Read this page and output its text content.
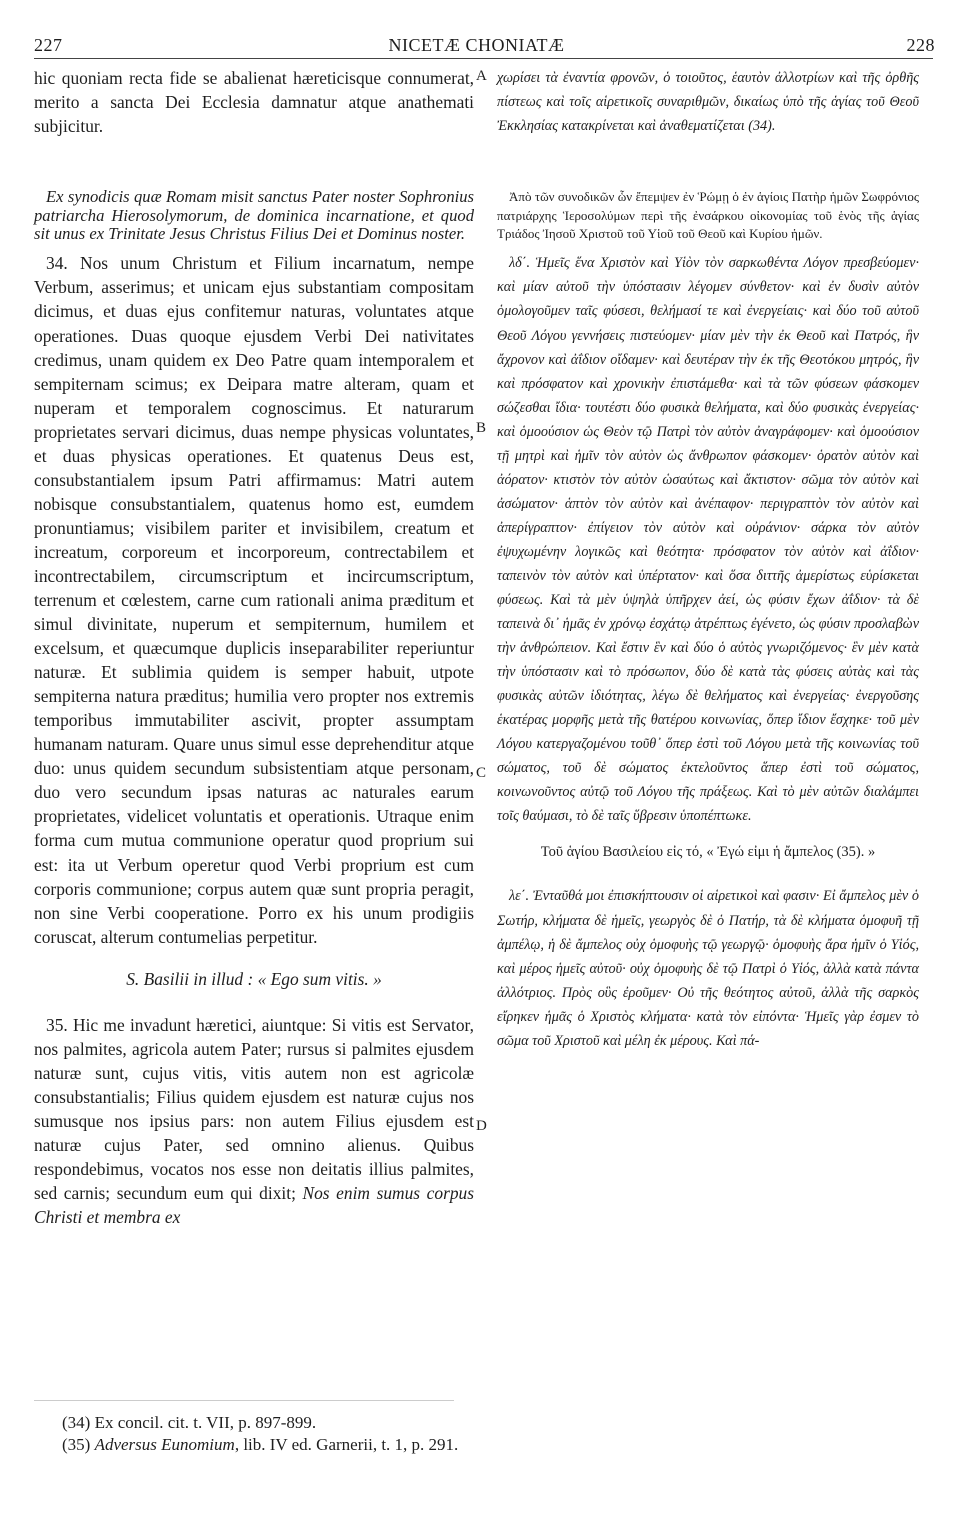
227	NICETÆ CHONIATÆ	228

hic quoniam recta fide se abalienat hæreticisque connumerat, merito a sancta Dei Ecclesia damnatur atque anathemati subjicitur.

Ex synodicis quæ Romam misit sanctus Pater noster Sophronius patriarcha Hierosolymorum, de dominica incarnatione, et quod sit unus ex Trinitate Jesus Christus Filius Dei et Dominus noster.

34. Nos unum Christum et Filium incarnatum, nempe Verbum, asserimus; et unicam ejus substantiam compositam dicimus, et duas ejus confitemur naturas, voluntates atque operationes. Duas quoque ejusdem Verbi Dei nativitates credimus, unam quidem ex Deo Patre quam intemporalem et sempiternam scimus; ex Deipara matre alteram, quam et nuperam et temporalem cognoscimus. Et naturarum proprietates servari dicimus, duas nempe physicas voluntates, et duas physicas operationes. Et quatenus Deus est, consubstantialem ipsum Patri affirmamus: Matri autem nobisque consubstantialem, quatenus homo est, eumdem pronuntiamus; visibilem pariter et invisibilem, creatum et increatum, corporeum et incorporeum, contrectabilem et incontrectabilem, circumscriptum et incircumscriptum, terrenum et cœlestem, carne cum rationali anima præditum et simul divinitate, nuperum et sempiternum, humilem et excelsum, et quæcumque duplicis inseparabiliter reperiuntur naturæ. Et sublimia quidem is semper habuit, utpote sempiterna natura præditus; humilia vero propter nos extremis temporibus immutabiliter ascivit, propter assumptam humanam naturam. Quare unus simul esse deprehenditur atque duo: unus quidem secundum subsistentiam atque personam, duo vero secundum ipsas naturas ac naturales earum proprietates, videlicet voluntatis et operationis. Utraque enim forma cum mutua communione operatur quod proprium sui est: ita ut Verbum operetur quod Verbi proprium est cum corporis communione; corpus autem quæ sunt propria peragit, non sine Verbi cooperatione. Porro ex his unum prodigiis coruscat, alterum contumelias perpetitur.

S. Basilii in illud : « Ego sum vitis. »

35. Hic me invadunt hæretici, aiuntque: Si vitis est Servator, nos palmites, agricola autem Pater; rursus si palmites ejusdem naturæ sunt, cujus vitis, vitis autem non est agricolæ consubstantialis; Filius quidem ejusdem est naturæ cujus nos sumusque nos ipsius pars: non autem Filius ejusdem est naturæ cujus Pater, sed omnino alienus. Quibus respondebimus, vocatos nos esse non deitatis illius palmites, sed carnis; secundum eum qui dixit; Nos enim sumus corpus Christi et membra ex

A
B
C
D

χωρίσει τὰ ἐναντία φρονῶν, ὁ τοιοῦτος, ἑαυτὸν ἀλλοτρίων καὶ τῆς ὀρθῆς πίστεως καὶ τοῖς αἱρετικοῖς συναριθμῶν, δικαίως ὑπὸ τῆς ἁγίας τοῦ Θεοῦ Ἐκκλησίας κατακρίνεται καὶ ἀναθεματίζεται (34).

Ἀπὸ τῶν συνοδικῶν ὧν ἔπεμψεν ἐν Ῥώμῃ ὁ ἐν ἁγίοις Πατὴρ ἡμῶν Σωφρόνιος πατριάρχης Ἱεροσολύμων περὶ τῆς ἐνσάρκου οἰκονομίας τοῦ ἑνὸς τῆς ἁγίας Τριάδος Ἰησοῦ Χριστοῦ τοῦ Υἱοῦ τοῦ Θεοῦ καὶ Κυρίου ἡμῶν.

λδ΄. Ἡμεῖς ἕνα Χριστὸν καὶ Υἱὸν τὸν σαρκωθέντα Λόγον πρεσβεύομεν· καὶ μίαν αὐτοῦ τὴν ὑπόστασιν λέγομεν σύνθετον· καὶ ἐν δυσὶν αὐτὸν ὁμολογοῦμεν ταῖς φύσεσι, θελήμασί τε καὶ ἐνεργείαις· καὶ δύο τοῦ αὐτοῦ Θεοῦ Λόγου γεννήσεις πιστεύομεν· μίαν μὲν τὴν ἐκ Θεοῦ καὶ Πατρός, ἣν ἄχρονον καὶ ἀΐδιον οἴδαμεν· καὶ δευτέραν τὴν ἐκ τῆς Θεοτόκου μητρός, ἣν καὶ πρόσφατον καὶ χρονικὴν ἐπιστάμεθα· καὶ τὰ τῶν φύσεων φάσκομεν σώζεσθαι ἴδια· τουτέστι δύο φυσικὰ θελήματα, καὶ δύο φυσικὰς ἐνεργείας· καὶ ὁμοούσιον ὡς Θεὸν τῷ Πατρὶ τὸν αὐτὸν ἀναγράφομεν· καὶ ὁμοούσιον τῇ μητρὶ καὶ ἡμῖν τὸν αὐτὸν ὡς ἄνθρωπον φάσκομεν· ὁρατὸν αὐτὸν καὶ ἀόρατον· κτιστὸν τὸν αὐτὸν ὡσαύτως καὶ ἄκτιστον· σῶμα τὸν αὐτὸν καὶ ἀσώματον· ἁπτὸν τὸν αὐτὸν καὶ ἀνέπαφον· περιγραπτὸν τὸν αὐτὸν καὶ ἀπερίγραπτον· ἐπίγειον τὸν αὐτὸν καὶ οὐράνιον· σάρκα τὸν αὐτὸν ἐψυχωμένην λογικῶς καὶ θεότητα· πρόσφατον τὸν αὐτὸν καὶ ἀΐδιον· ταπεινὸν τὸν αὐτὸν καὶ ὑπέρτατον· καὶ ὅσα διττῆς ἀμερίστως εὑρίσκεται φύσεως. Καὶ τὰ μὲν ὑψηλὰ ὑπῆρχεν ἀεί, ὡς φύσιν ἔχων ἀΐδιον· τὰ δὲ ταπεινὰ δι᾽ ἡμᾶς ἐν χρόνῳ ἐσχάτῳ ἀτρέπτως ἐγένετο, ὡς φύσιν προσλαβὼν τὴν ἀνθρώπειον. Καὶ ἔστιν ἓν καὶ δύο ὁ αὐτὸς γνωριζόμενος· ἓν μὲν κατὰ τὴν ὑπόστασιν καὶ τὸ πρόσωπον, δύο δὲ κατὰ τὰς φύσεις αὐτὰς καὶ τὰς φυσικὰς αὐτῶν ἰδιότητας, λέγω δὲ θελήματος καὶ ἐνεργείας· ἐνεργοῦσης ἑκατέρας μορφῆς μετὰ τῆς θατέρου κοινωνίας, ὅπερ ἴδιον ἔσχηκε· τοῦ μὲν Λόγου κατεργαζομένου τοῦθ᾽ ὅπερ ἐστὶ τοῦ Λόγου μετὰ τῆς κοινωνίας τοῦ σώματος, τοῦ δὲ σώματος ἐκτελοῦντος ἅπερ ἐστὶ τοῦ σώματος, κοινωνοῦντος αὐτῷ τοῦ Λόγου τῆς πράξεως. Καὶ τὸ μὲν αὐτῶν διαλάμπει τοῖς θαύμασι, τὸ δὲ ταῖς ὕβρεσιν ὑποπέπτωκε.

Τοῦ ἁγίου Βασιλείου εἰς τό, « Ἐγώ εἰμι ἡ ἄμπελος (35). »

λε΄. Ἐνταῦθά μοι ἐπισκήπτουσιν οἱ αἱρετικοὶ καὶ φασιν· Εἰ ἄμπελος μὲν ὁ Σωτήρ, κλήματα δὲ ἡμεῖς, γεωργὸς δὲ ὁ Πατήρ, τὰ δὲ κλήματα ὁμοφυῆ τῇ ἀμπέλῳ, ἡ δὲ ἄμπελος οὐχ ὁμοφυὴς τῷ γεωργῷ· ὁμοφυὴς ἄρα ἡμῖν ὁ Υἱός, καὶ μέρος ἡμεῖς αὐτοῦ· οὐχ ὁμοφυὴς δὲ τῷ Πατρὶ ὁ Υἱός, ἀλλὰ κατὰ πάντα ἀλλότριος. Πρὸς οὓς ἐροῦμεν· Οὐ τῆς θεότητος αὐτοῦ, ἀλλὰ τῆς σαρκὸς εἴρηκεν ἡμᾶς ὁ Χριστὸς κλήματα· κατὰ τὸν εἰπόντα· Ἡμεῖς γὰρ ἐσμεν τὸ σῶμα τοῦ Χριστοῦ καὶ μέλη ἐκ μέρους. Καὶ πά-

(34) Ex concil. cit. t. VII, p. 897-899.

(35) Adversus Eunomium, lib. IV ed. Garnerii, t. 1, p. 291.
